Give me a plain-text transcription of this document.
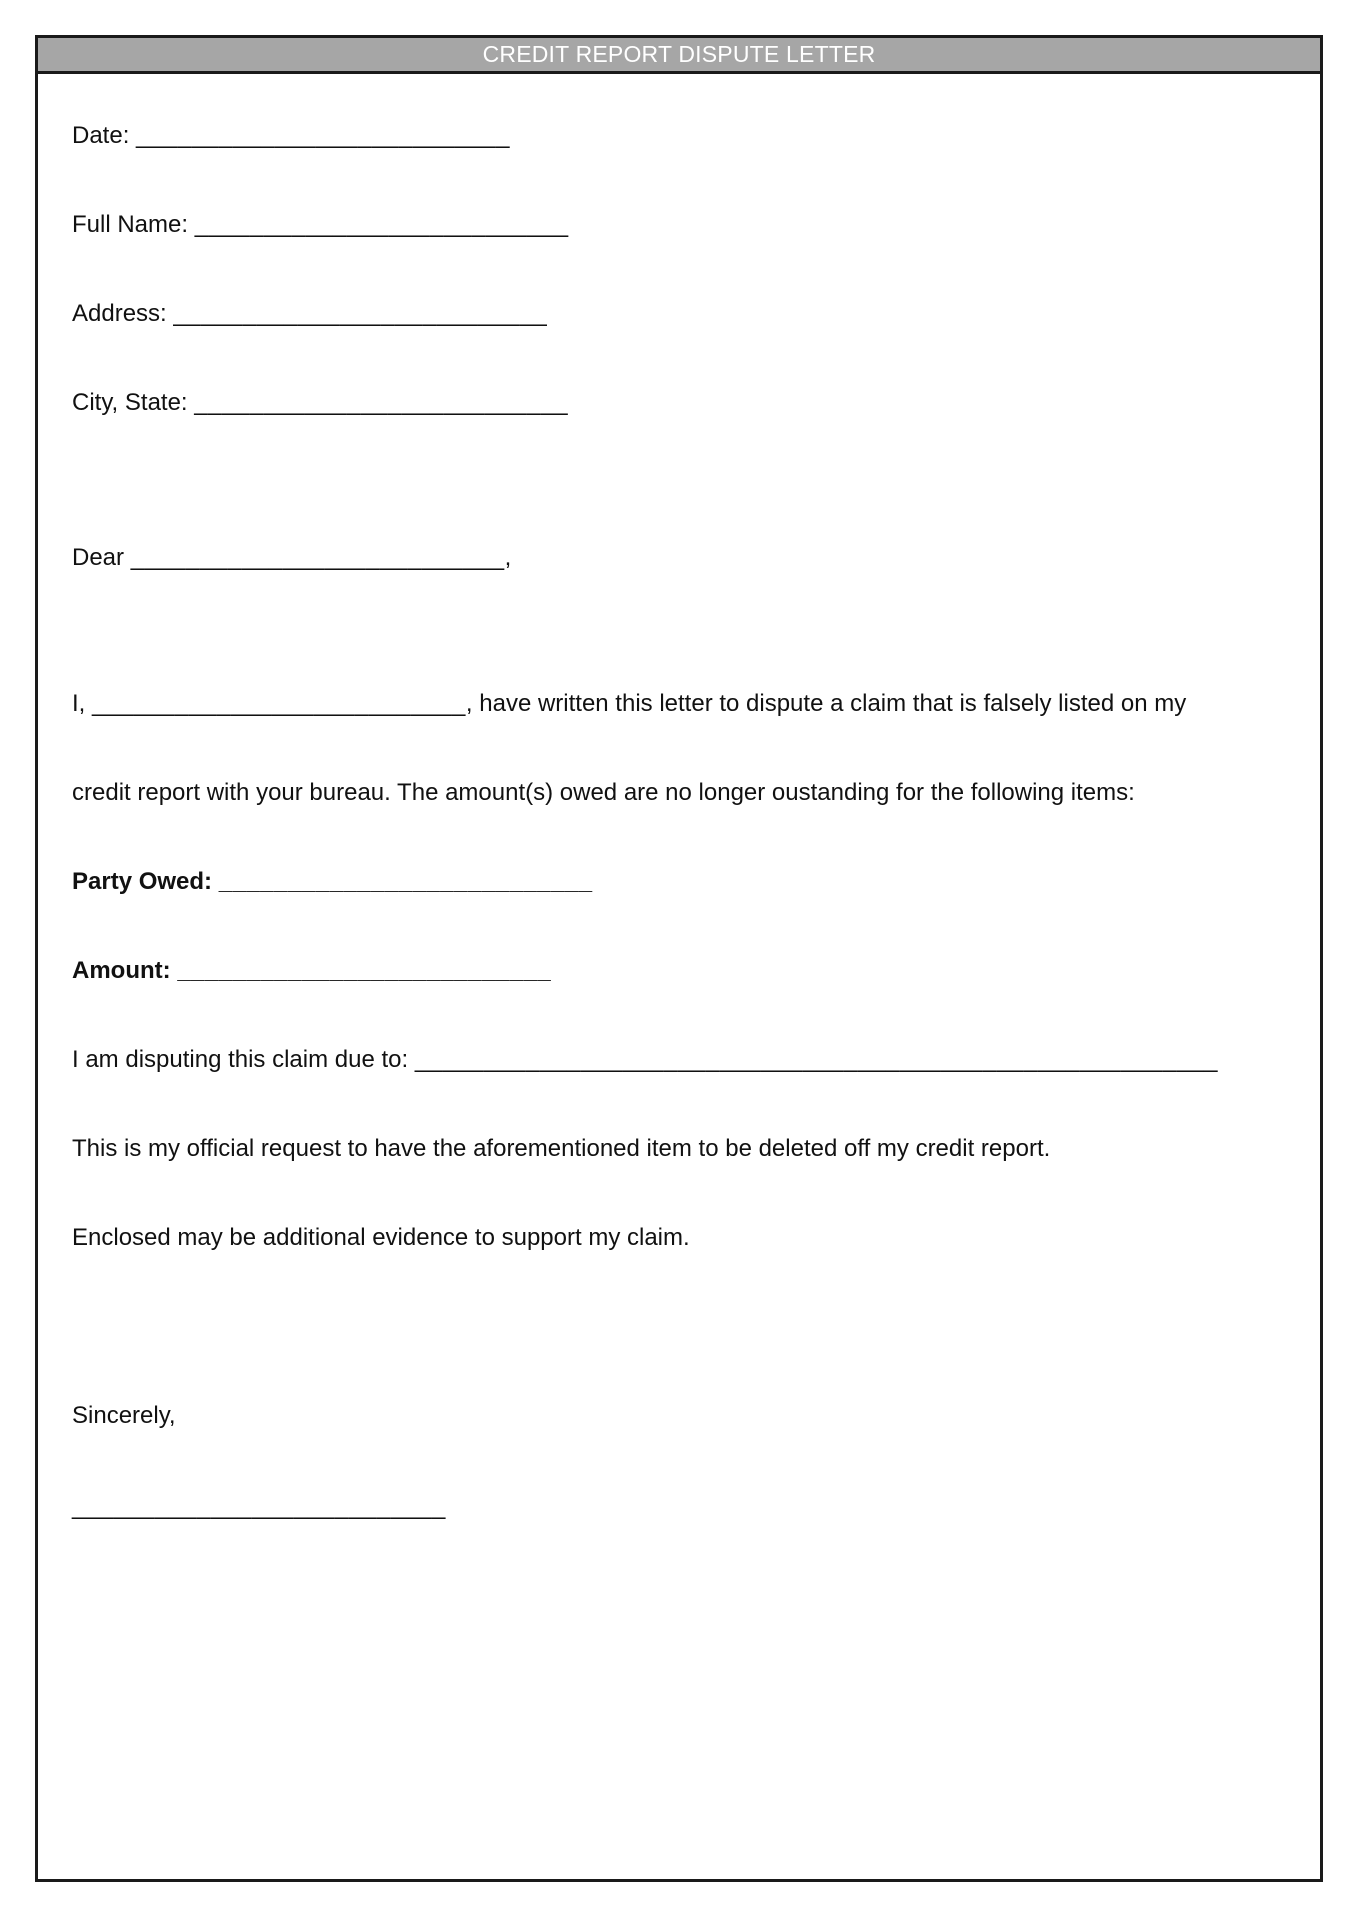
CREDIT REPORT DISPUTE LETTER
Date: ___________________________
Full Name: ___________________________
Address: ___________________________
City, State: ___________________________
Dear ___________________________,
I, ___________________________, have written this letter to dispute a claim that is falsely listed on my
credit report with your bureau. The amount(s) owed are no longer oustanding for the following items:
Party Owed: ___________________________
Amount: ___________________________
I am disputing this claim due to: __________________________________________________________
This is my official request to have the aforementioned item to be deleted off my credit report.
Enclosed may be additional evidence to support my claim.
Sincerely,
___________________________
